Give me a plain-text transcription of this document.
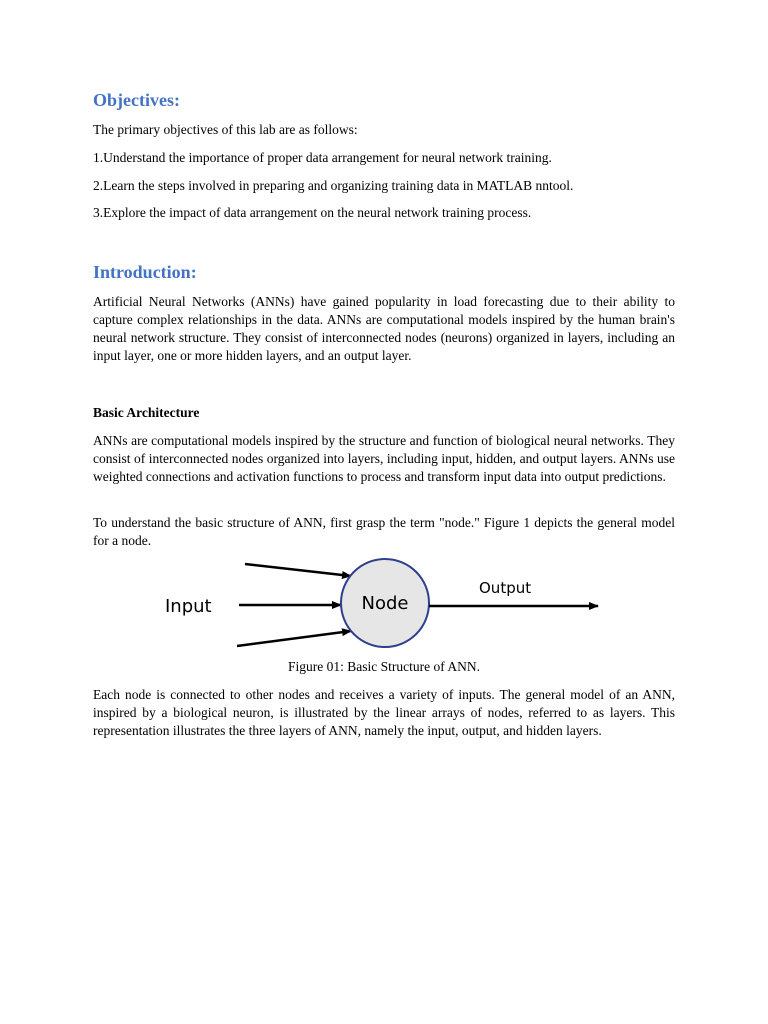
Objectives:

The primary objectives of this lab are as follows:

1.Understand the importance of proper data arrangement for neural network training.

2.Learn the steps involved in preparing and organizing training data in MATLAB nntool.

3.Explore the impact of data arrangement on the neural network training process.

Introduction:

Artificial Neural Networks (ANNs) have gained popularity in load forecasting due to their ability to capture complex relationships in the data. ANNs are computational models inspired by the human brain's neural network structure. They consist of interconnected nodes (neurons) organized in layers, including an input layer, one or more hidden layers, and an output layer.

Basic Architecture

ANNs are computational models inspired by the structure and function of biological neural networks. They consist of interconnected nodes organized into layers, including input, hidden, and output layers. ANNs use weighted connections and activation functions to process and transform input data into output predictions.

To understand the basic structure of ANN, first grasp the term "node." Figure 1 depicts the general model for a node.

Node
Input
Output

Figure 01: Basic Structure of ANN.

Each node is connected to other nodes and receives a variety of inputs. The general model of an ANN, inspired by a biological neuron, is illustrated by the linear arrays of nodes, referred to as layers. This representation illustrates the three layers of ANN, namely the input, output, and hidden layers.
